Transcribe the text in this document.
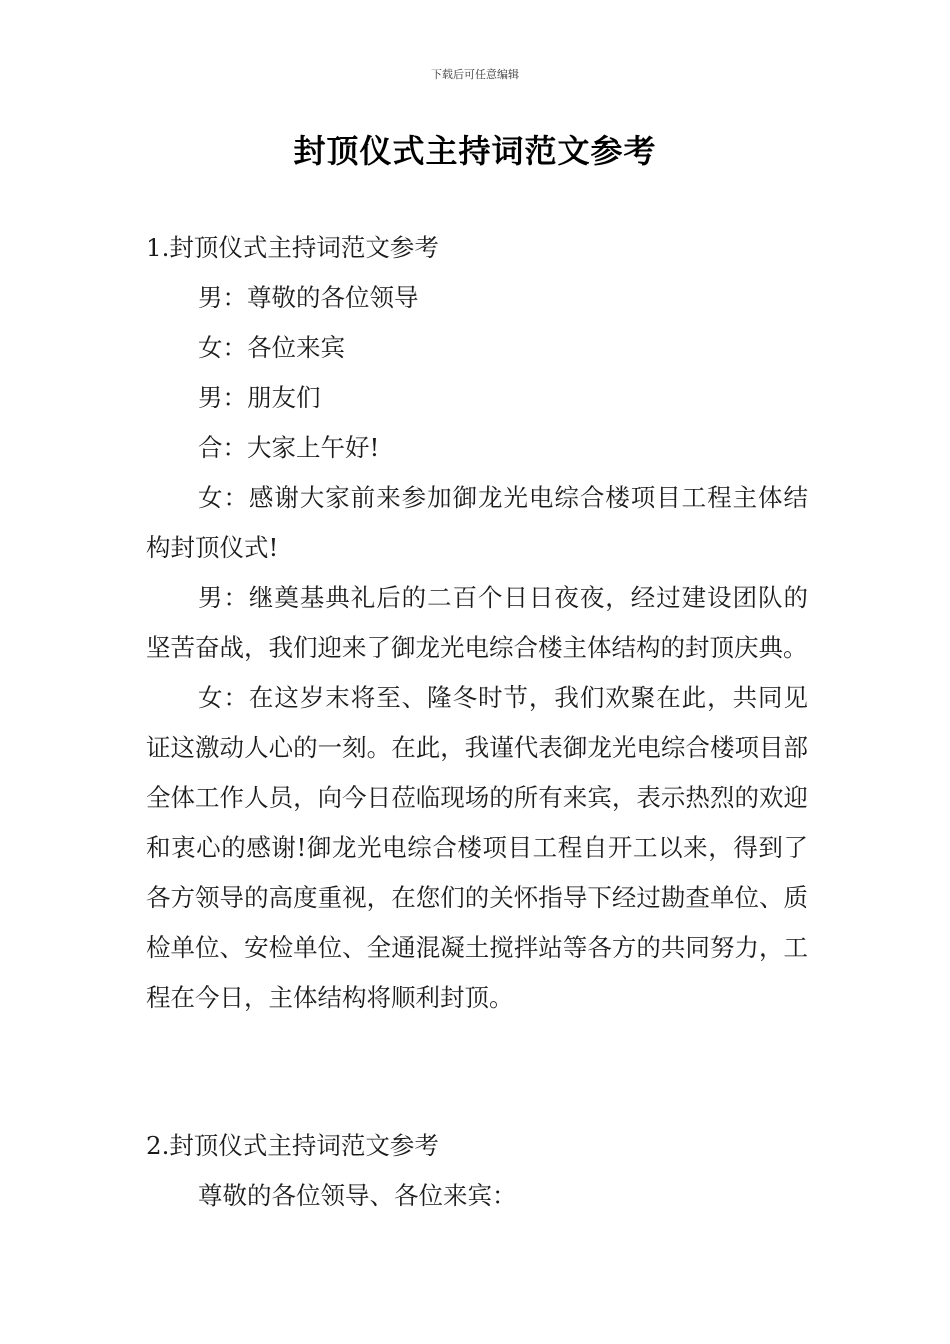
下载后可任意编辑
封顶仪式主持词范文参考

1.封顶仪式主持词范文参考

男：尊敬的各位领导

女：各位来宾

男：朋友们

合：大家上午好!

女：感谢大家前来参加御龙光电综合楼项目工程主体结构封顶仪式!

男：继奠基典礼后的二百个日日夜夜，经过建设团队的坚苦奋战，我们迎来了御龙光电综合楼主体结构的封顶庆典。

女：在这岁末将至、隆冬时节，我们欢聚在此，共同见证这激动人心的一刻。在此，我谨代表御龙光电综合楼项目部全体工作人员，向今日莅临现场的所有来宾，表示热烈的欢迎和衷心的感谢!御龙光电综合楼项目工程自开工以来，得到了各方领导的高度重视，在您们的关怀指导下经过勘查单位、质检单位、安检单位、全通混凝土搅拌站等各方的共同努力，工程在今日，主体结构将顺利封顶。

2.封顶仪式主持词范文参考

尊敬的各位领导、各位来宾：
